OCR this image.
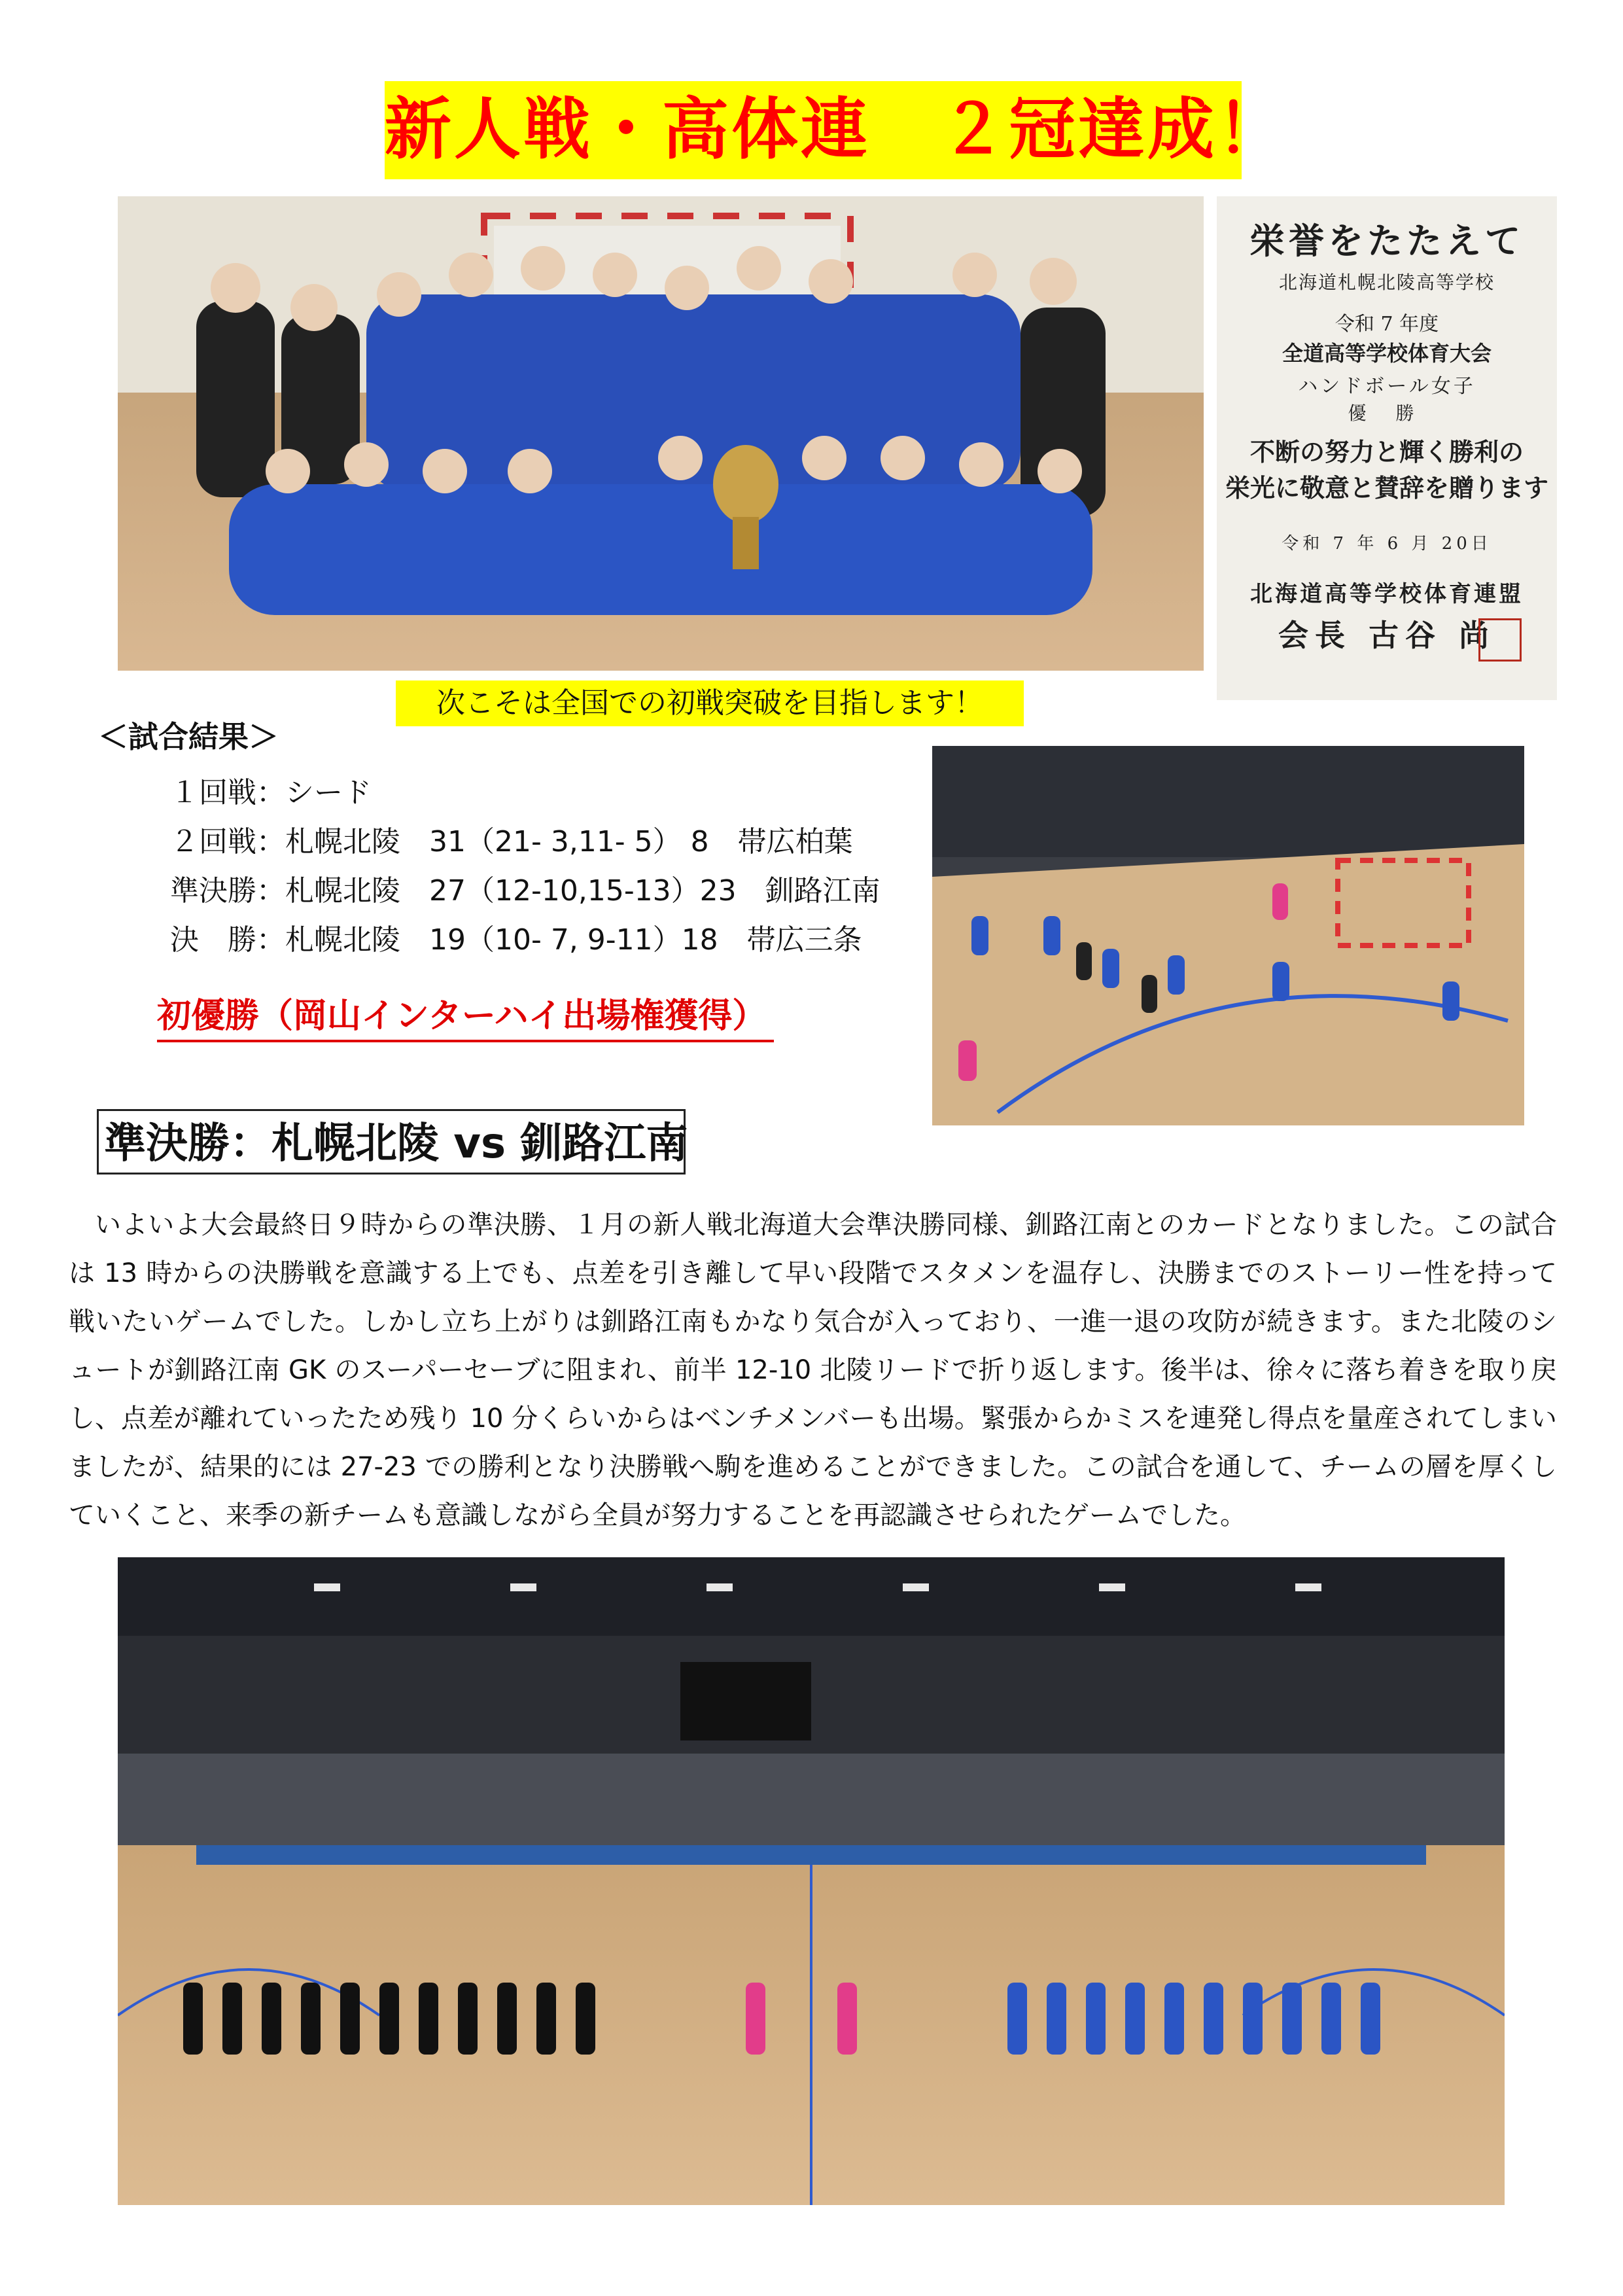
新人戦・高体連　２冠達成！
栄誉をたたえて
北海道札幌北陵高等学校
令和 7 年度
全道高等学校体育大会
ハンドボール女子
優 勝
不断の努力と輝く勝利の
栄光に敬意と賛辞を贈ります
令和 7 年 6 月 20日
北海道高等学校体育連盟
会長 古谷 尚
次こそは全国での初戦突破を目指します！
＜試合結果＞
１回戦：シード
２回戦：札幌北陵　31（21‐ 3,11‐ 5） 8　帯広柏葉
準決勝：札幌北陵　27（12-10,15-13）23　釧路江南
決　勝：札幌北陵　19（10‐ 7, 9-11）18　帯広三条
初優勝（岡山インターハイ出場権獲得）
準決勝：札幌北陵 vs 釧路江南
いよいよ大会最終日９時からの準決勝、１月の新人戦北海道大会準決勝同様、釧路江南とのカードとなりました。この試合は 13 時からの決勝戦を意識する上でも、点差を引き離して早い段階でスタメンを温存し、決勝までのストーリー性を持って戦いたいゲームでした。しかし立ち上がりは釧路江南もかなり気合が入っており、一進一退の攻防が続きます。また北陵のシュートが釧路江南 GK のスーパーセーブに阻まれ、前半 12-10 北陵リードで折り返します。後半は、徐々に落ち着きを取り戻し、点差が離れていったため残り 10 分くらいからはベンチメンバーも出場。緊張からかミスを連発し得点を量産されてしまいましたが、結果的には 27-23 での勝利となり決勝戦へ駒を進めることができました。この試合を通して、チームの層を厚くしていくこと、来季の新チームも意識しながら全員が努力することを再認識させられたゲームでした。
